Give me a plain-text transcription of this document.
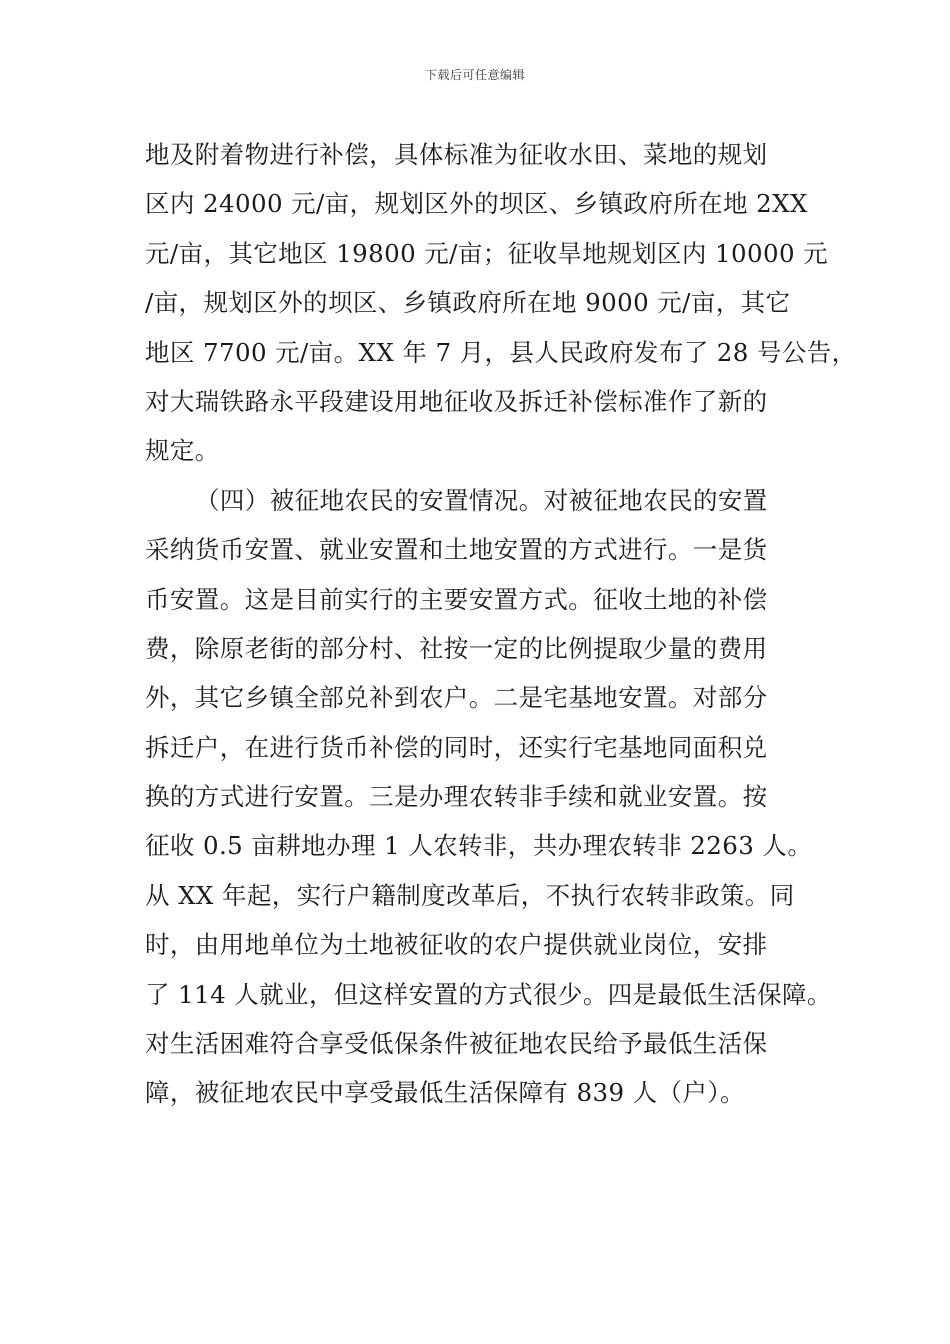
下载后可任意编辑
地及附着物进行补偿，具体标准为征收水田、菜地的规划
区内 24000 元/亩，规划区外的坝区、乡镇政府所在地 2XX
元/亩，其它地区 19800 元/亩；征收旱地规划区内 10000 元
/亩，规划区外的坝区、乡镇政府所在地 9000 元/亩，其它
地区 7700 元/亩。XX 年 7 月，县人民政府发布了 28 号公告，
对大瑞铁路永平段建设用地征收及拆迁补偿标准作了新的
规定。
（四）被征地农民的安置情况。对被征地农民的安置
采纳货币安置、就业安置和土地安置的方式进行。一是货
币安置。这是目前实行的主要安置方式。征收土地的补偿
费，除原老街的部分村、社按一定的比例提取少量的费用
外，其它乡镇全部兑补到农户。二是宅基地安置。对部分
拆迁户，在进行货币补偿的同时，还实行宅基地同面积兑
换的方式进行安置。三是办理农转非手续和就业安置。按
征收 0.5 亩耕地办理 1 人农转非，共办理农转非 2263 人。
从 XX 年起，实行户籍制度改革后，不执行农转非政策。同
时，由用地单位为土地被征收的农户提供就业岗位，安排
了 114 人就业，但这样安置的方式很少。四是最低生活保障。
对生活困难符合享受低保条件被征地农民给予最低生活保
障，被征地农民中享受最低生活保障有 839 人（户）。
